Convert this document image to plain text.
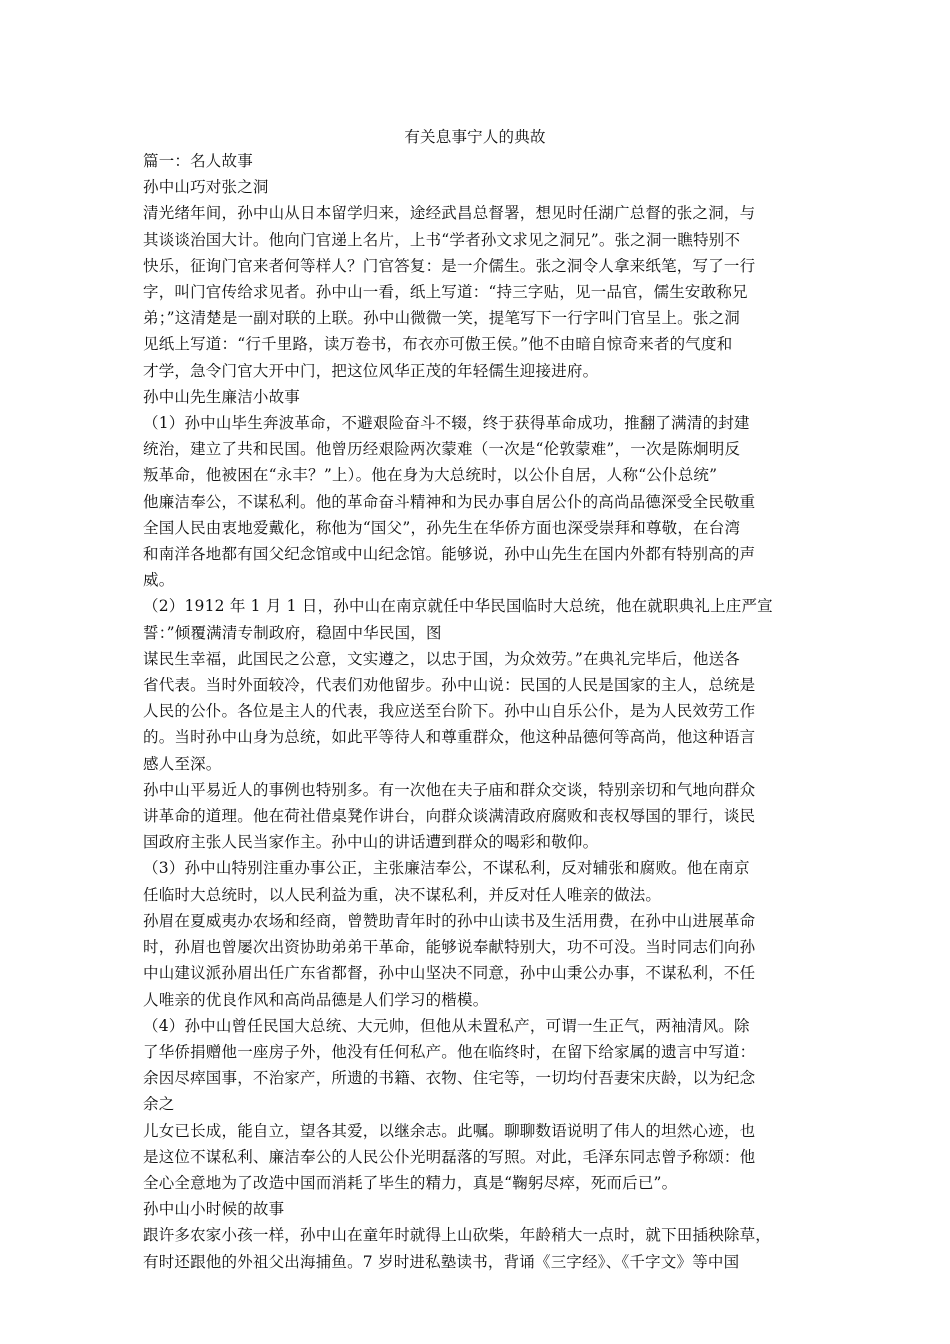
有关息事宁人的典故
篇一：名人故事
孙中山巧对张之洞
清光绪年间，孙中山从日本留学归来，途经武昌总督署，想见时任湖广总督的张之洞，与
其谈谈治国大计。他向门官递上名片，上书“学者孙文求见之洞兄”。张之洞一瞧特别不
快乐，征询门官来者何等样人？门官答复：是一介儒生。张之洞令人拿来纸笔，写了一行
字，叫门官传给求见者。孙中山一看，纸上写道：“持三字贴，见一品官，儒生安敢称兄
弟；”这清楚是一副对联的上联。孙中山微微一笑，提笔写下一行字叫门官呈上。张之洞
见纸上写道：“行千里路，读万卷书，布衣亦可傲王侯。”他不由暗自惊奇来者的气度和
才学，急令门官大开中门，把这位风华正茂的年轻儒生迎接进府。
孙中山先生廉洁小故事
（1）孙中山毕生奔波革命，不避艰险奋斗不辍，终于获得革命成功，推翻了满清的封建
统治，建立了共和民国。他曾历经艰险两次蒙难（一次是“伦敦蒙难”，一次是陈炯明反
叛革命，他被困在“永丰？”上）。他在身为大总统时，以公仆自居，人称“公仆总统”
他廉洁奉公，不谋私利。他的革命奋斗精神和为民办事自居公仆的高尚品德深受全民敬重
全国人民由衷地爱戴化，称他为“国父”，孙先生在华侨方面也深受崇拜和尊敬，在台湾
和南洋各地都有国父纪念馆或中山纪念馆。能够说，孙中山先生在国内外都有特别高的声
威。
（2）1912 年 1 月 1 日，孙中山在南京就任中华民国临时大总统，他在就职典礼上庄严宣
誓：”倾覆满清专制政府，稳固中华民国，图
谋民生幸福，此国民之公意，文实遵之，以忠于国，为众效劳。”在典礼完毕后，他送各
省代表。当时外面较冷，代表们劝他留步。孙中山说：民国的人民是国家的主人，总统是
人民的公仆。各位是主人的代表，我应送至台阶下。孙中山自乐公仆，是为人民效劳工作
的。当时孙中山身为总统，如此平等待人和尊重群众，他这种品德何等高尚，他这种语言
感人至深。
孙中山平易近人的事例也特别多。有一次他在夫子庙和群众交谈，特别亲切和气地向群众
讲革命的道理。他在荷社借桌凳作讲台，向群众谈满清政府腐败和丧权辱国的罪行，谈民
国政府主张人民当家作主。孙中山的讲话遭到群众的喝彩和敬仰。
（3）孙中山特别注重办事公正，主张廉洁奉公，不谋私利，反对辅张和腐败。他在南京
任临时大总统时，以人民利益为重，决不谋私利，并反对任人唯亲的做法。
孙眉在夏威夷办农场和经商，曾赞助青年时的孙中山读书及生活用费，在孙中山进展革命
时，孙眉也曾屡次出资协助弟弟干革命，能够说奉献特别大，功不可没。当时同志们向孙
中山建议派孙眉出任广东省都督，孙中山坚决不同意，孙中山秉公办事，不谋私利，不任
人唯亲的优良作风和高尚品德是人们学习的楷模。
（4）孙中山曾任民国大总统、大元帅，但他从未置私产，可谓一生正气，两袖清风。除
了华侨捐赠他一座房子外，他没有任何私产。他在临终时，在留下给家属的遗言中写道：
余因尽瘁国事，不治家产，所遗的书籍、衣物、住宅等，一切均付吾妻宋庆龄，以为纪念
余之
儿女已长成，能自立，望各其爱，以继余志。此嘱。聊聊数语说明了伟人的坦然心迹，也
是这位不谋私利、廉洁奉公的人民公仆光明磊落的写照。对此，毛泽东同志曾予称颂：他
全心全意地为了改造中国而消耗了毕生的精力，真是“鞠躬尽瘁，死而后已”。
孙中山小时候的故事
跟许多农家小孩一样，孙中山在童年时就得上山砍柴，年龄稍大一点时，就下田插秧除草，
有时还跟他的外祖父出海捕鱼。7 岁时进私塾读书，背诵《三字经》、《千字文》等中国
